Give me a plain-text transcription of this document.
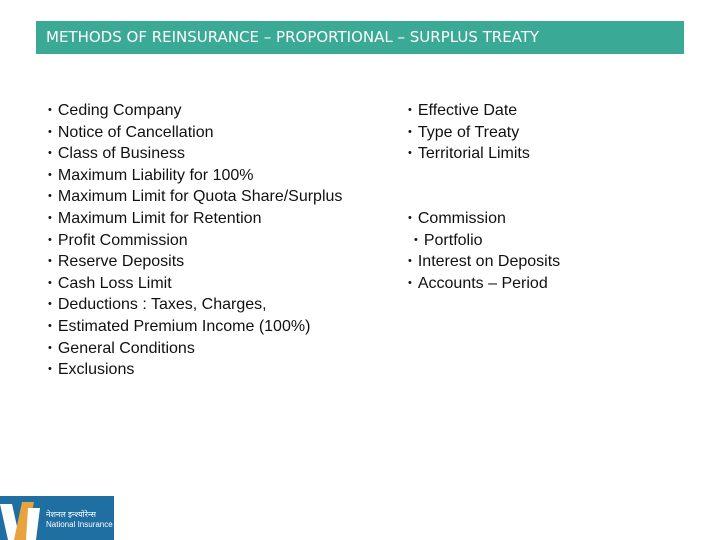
METHODS OF REINSURANCE – PROPORTIONAL – SURPLUS TREATY
• Ceding Company
• Notice of Cancellation
• Class of Business
• Maximum Liability for 100%
• Maximum Limit for Quota Share/Surplus
• Maximum Limit for Retention
• Profit Commission
• Reserve Deposits
• Cash Loss Limit
• Deductions : Taxes, Charges,
• Estimated Premium Income (100%)
• General Conditions
• Exclusions
• Effective Date
• Type of Treaty
• Territorial Limits
• Commission
• Portfolio
• Interest on Deposits
• Accounts – Period
नेशनल इन्श्योरेन्स
National Insurance
